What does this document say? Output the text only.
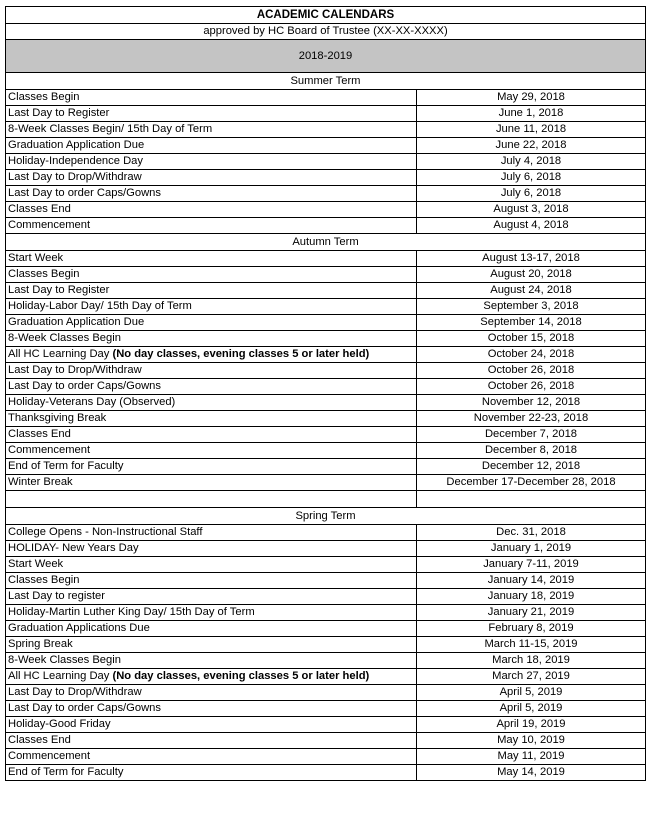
ACADEMIC CALENDARS	
approved by HC Board of Trustee (XX-XX-XXXX)	
2018-2019	
Summer Term	
Classes Begin	May 29, 2018
Last Day to Register	June 1, 2018
8-Week Classes Begin/ 15th Day of Term	June 11, 2018
Graduation Application Due	June 22, 2018
Holiday-Independence Day	July 4, 2018
Last Day to Drop/Withdraw	July 6, 2018
Last Day to order Caps/Gowns	July 6, 2018
Classes End	August 3, 2018
Commencement	August 4, 2018
Autumn Term	
Start Week	August 13-17, 2018
Classes Begin	August 20, 2018
Last Day to Register	August 24, 2018
Holiday-Labor Day/ 15th Day of Term	September 3, 2018
Graduation Application Due	September 14, 2018
8-Week Classes Begin	October 15, 2018
All HC Learning Day (No day classes, evening classes 5 or later held)	October 24, 2018
Last Day to Drop/Withdraw	October 26, 2018
Last Day to order Caps/Gowns	October 26, 2018
Holiday-Veterans Day (Observed)	November 12, 2018
Thanksgiving Break	November 22-23, 2018
Classes End	December 7, 2018
Commencement	December 8, 2018
End of Term for Faculty	December 12, 2018
Winter Break	December 17-December 28, 2018

Spring Term	
College Opens - Non-Instructional Staff	Dec. 31, 2018
HOLIDAY- New Years Day	January 1, 2019
Start Week	January 7-11, 2019
Classes Begin	January 14, 2019
Last Day to register	January 18, 2019
Holiday-Martin Luther King Day/ 15th Day of Term	January 21, 2019
Graduation Applications Due	February 8, 2019
Spring Break	March 11-15, 2019
8-Week Classes Begin	March 18, 2019
All HC Learning Day (No day classes, evening classes 5 or later held)	March 27, 2019
Last Day to Drop/Withdraw	April 5, 2019
Last Day to order Caps/Gowns	April 5, 2019
Holiday-Good Friday	April 19, 2019
Classes End	May 10, 2019
Commencement	May 11, 2019
End of Term for Faculty	May 14, 2019
